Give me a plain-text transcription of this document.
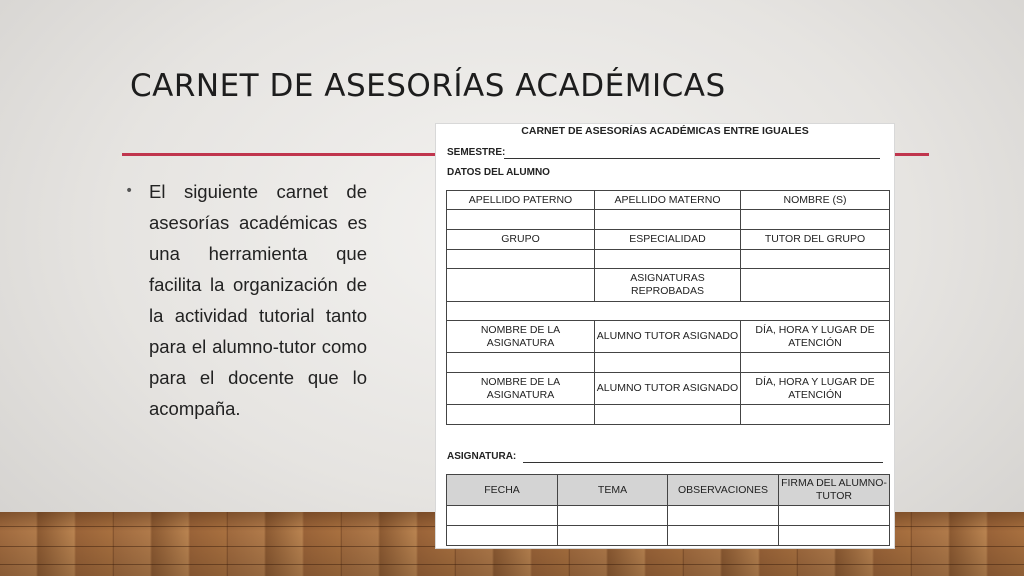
CARNET DE ASESORÍAS ACADÉMICAS
• El siguiente carnet de asesorías académicas es una herramienta que facilita la organización de la actividad tutorial tanto para el alumno-tutor como para el docente que lo acompaña.
CARNET DE ASESORÍAS ACADÉMICAS ENTRE IGUALES
SEMESTRE:
DATOS DEL ALUMNO
APELLIDO PATERNO	APELLIDO MATERNO	NOMBRE (S)

GRUPO	ESPECIALIDAD	TUTOR DEL GRUPO

	ASIGNATURAS REPROBADAS	

NOMBRE DE LA ASIGNATURA	ALUMNO TUTOR ASIGNADO	DÍA, HORA Y LUGAR DE ATENCIÓN

NOMBRE DE LA ASIGNATURA	ALUMNO TUTOR ASIGNADO	DÍA, HORA Y LUGAR DE ATENCIÓN

ASIGNATURA:
FECHA	TEMA	OBSERVACIONES	FIRMA DEL ALUMNO-TUTOR
